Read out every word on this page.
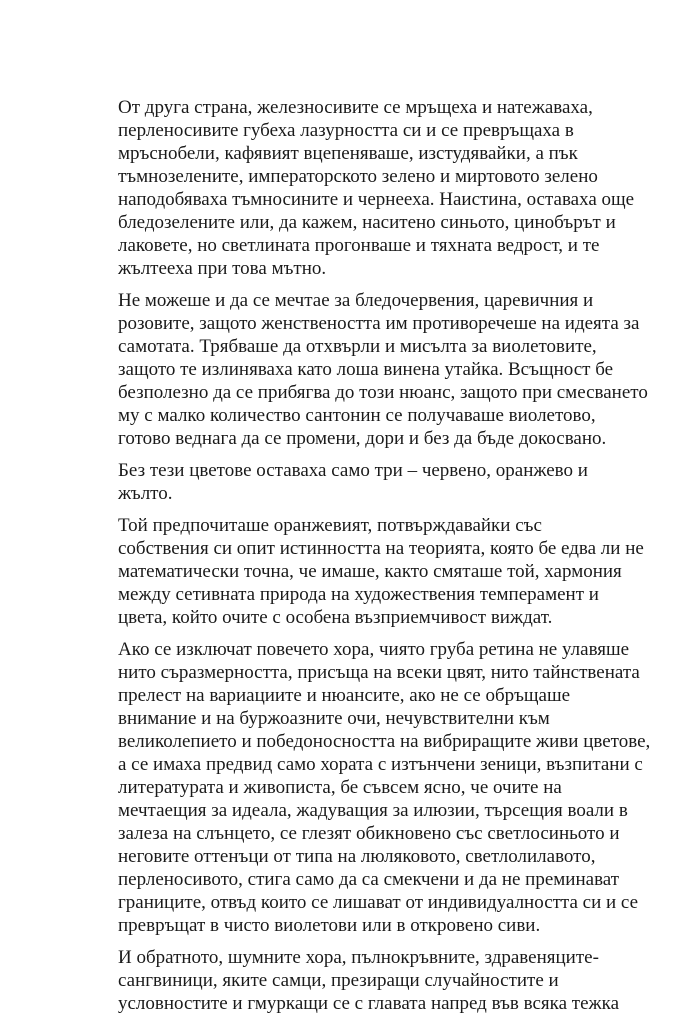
От друга страна, железносивите се мръщеха и натежаваха,
перленосивите губеха лазурността си и се превръщаха в
мръснобели, кафявият вцепеняваше, изстудявайки, а пък
тъмнозелените, императорското зелено и миртовото зелено
наподобяваха тъмносините и чернееха. Наистина, оставаха още
бледозелените или, да кажем, наситено синьото, цинобърът и
лаковете, но светлината прогонваше и тяхната ведрост, и те
жълтееха при това мътно.

Не можеше и да се мечтае за бледочервения, царевичния и
розовите, защото женствеността им противоречеше на идеята за
самотата. Трябваше да отхвърли и мисълта за виолетовите,
защото те излиняваха като лоша винена утайка. Всъщност бе
безполезно да се прибягва до този нюанс, защото при смесването
му с малко количество сантонин се получаваше виолетово,
готово веднага да се промени, дори и без да бъде докосвано.

Без тези цветове оставаха само три – червено, оранжево и
жълто.

Той предпочиташе оранжевият, потвърждавайки със
собствения си опит истинността на теорията, която бе едва ли не
математически точна, че имаше, както смяташе той, хармония
между сетивната природа на художествения темперамент и
цвета, който очите с особена възприемчивост виждат.

Ако се изключат повечето хора, чиято груба ретина не улавяше
нито съразмерността, присъща на всеки цвят, нито тайнствената
прелест на вариациите и нюансите, ако не се обръщаше
внимание и на буржоазните очи, нечувствителни към
великолепието и победоносността на вибриращите живи цветове,
а се имаха предвид само хората с изтънчени зеници, възпитани с
литературата и живописта, бе съвсем ясно, че очите на
мечтаещия за идеала, жадуващия за илюзии, търсещия воали в
залеза на слънцето, се глезят обикновено със светлосиньото и
неговите оттенъци от типа на люляковото, светлолилавото,
перленосивото, стига само да са смекчени и да не преминават
границите, отвъд които се лишават от индивидуалността си и се
превръщат в чисто виолетови или в откровено сиви.

И обратното, шумните хора, пълнокръвните, здравеняците-
сангвиници, яките самци, презиращи случайностите и
условностите и гмуркащи се с главата напред във всяка тежка
